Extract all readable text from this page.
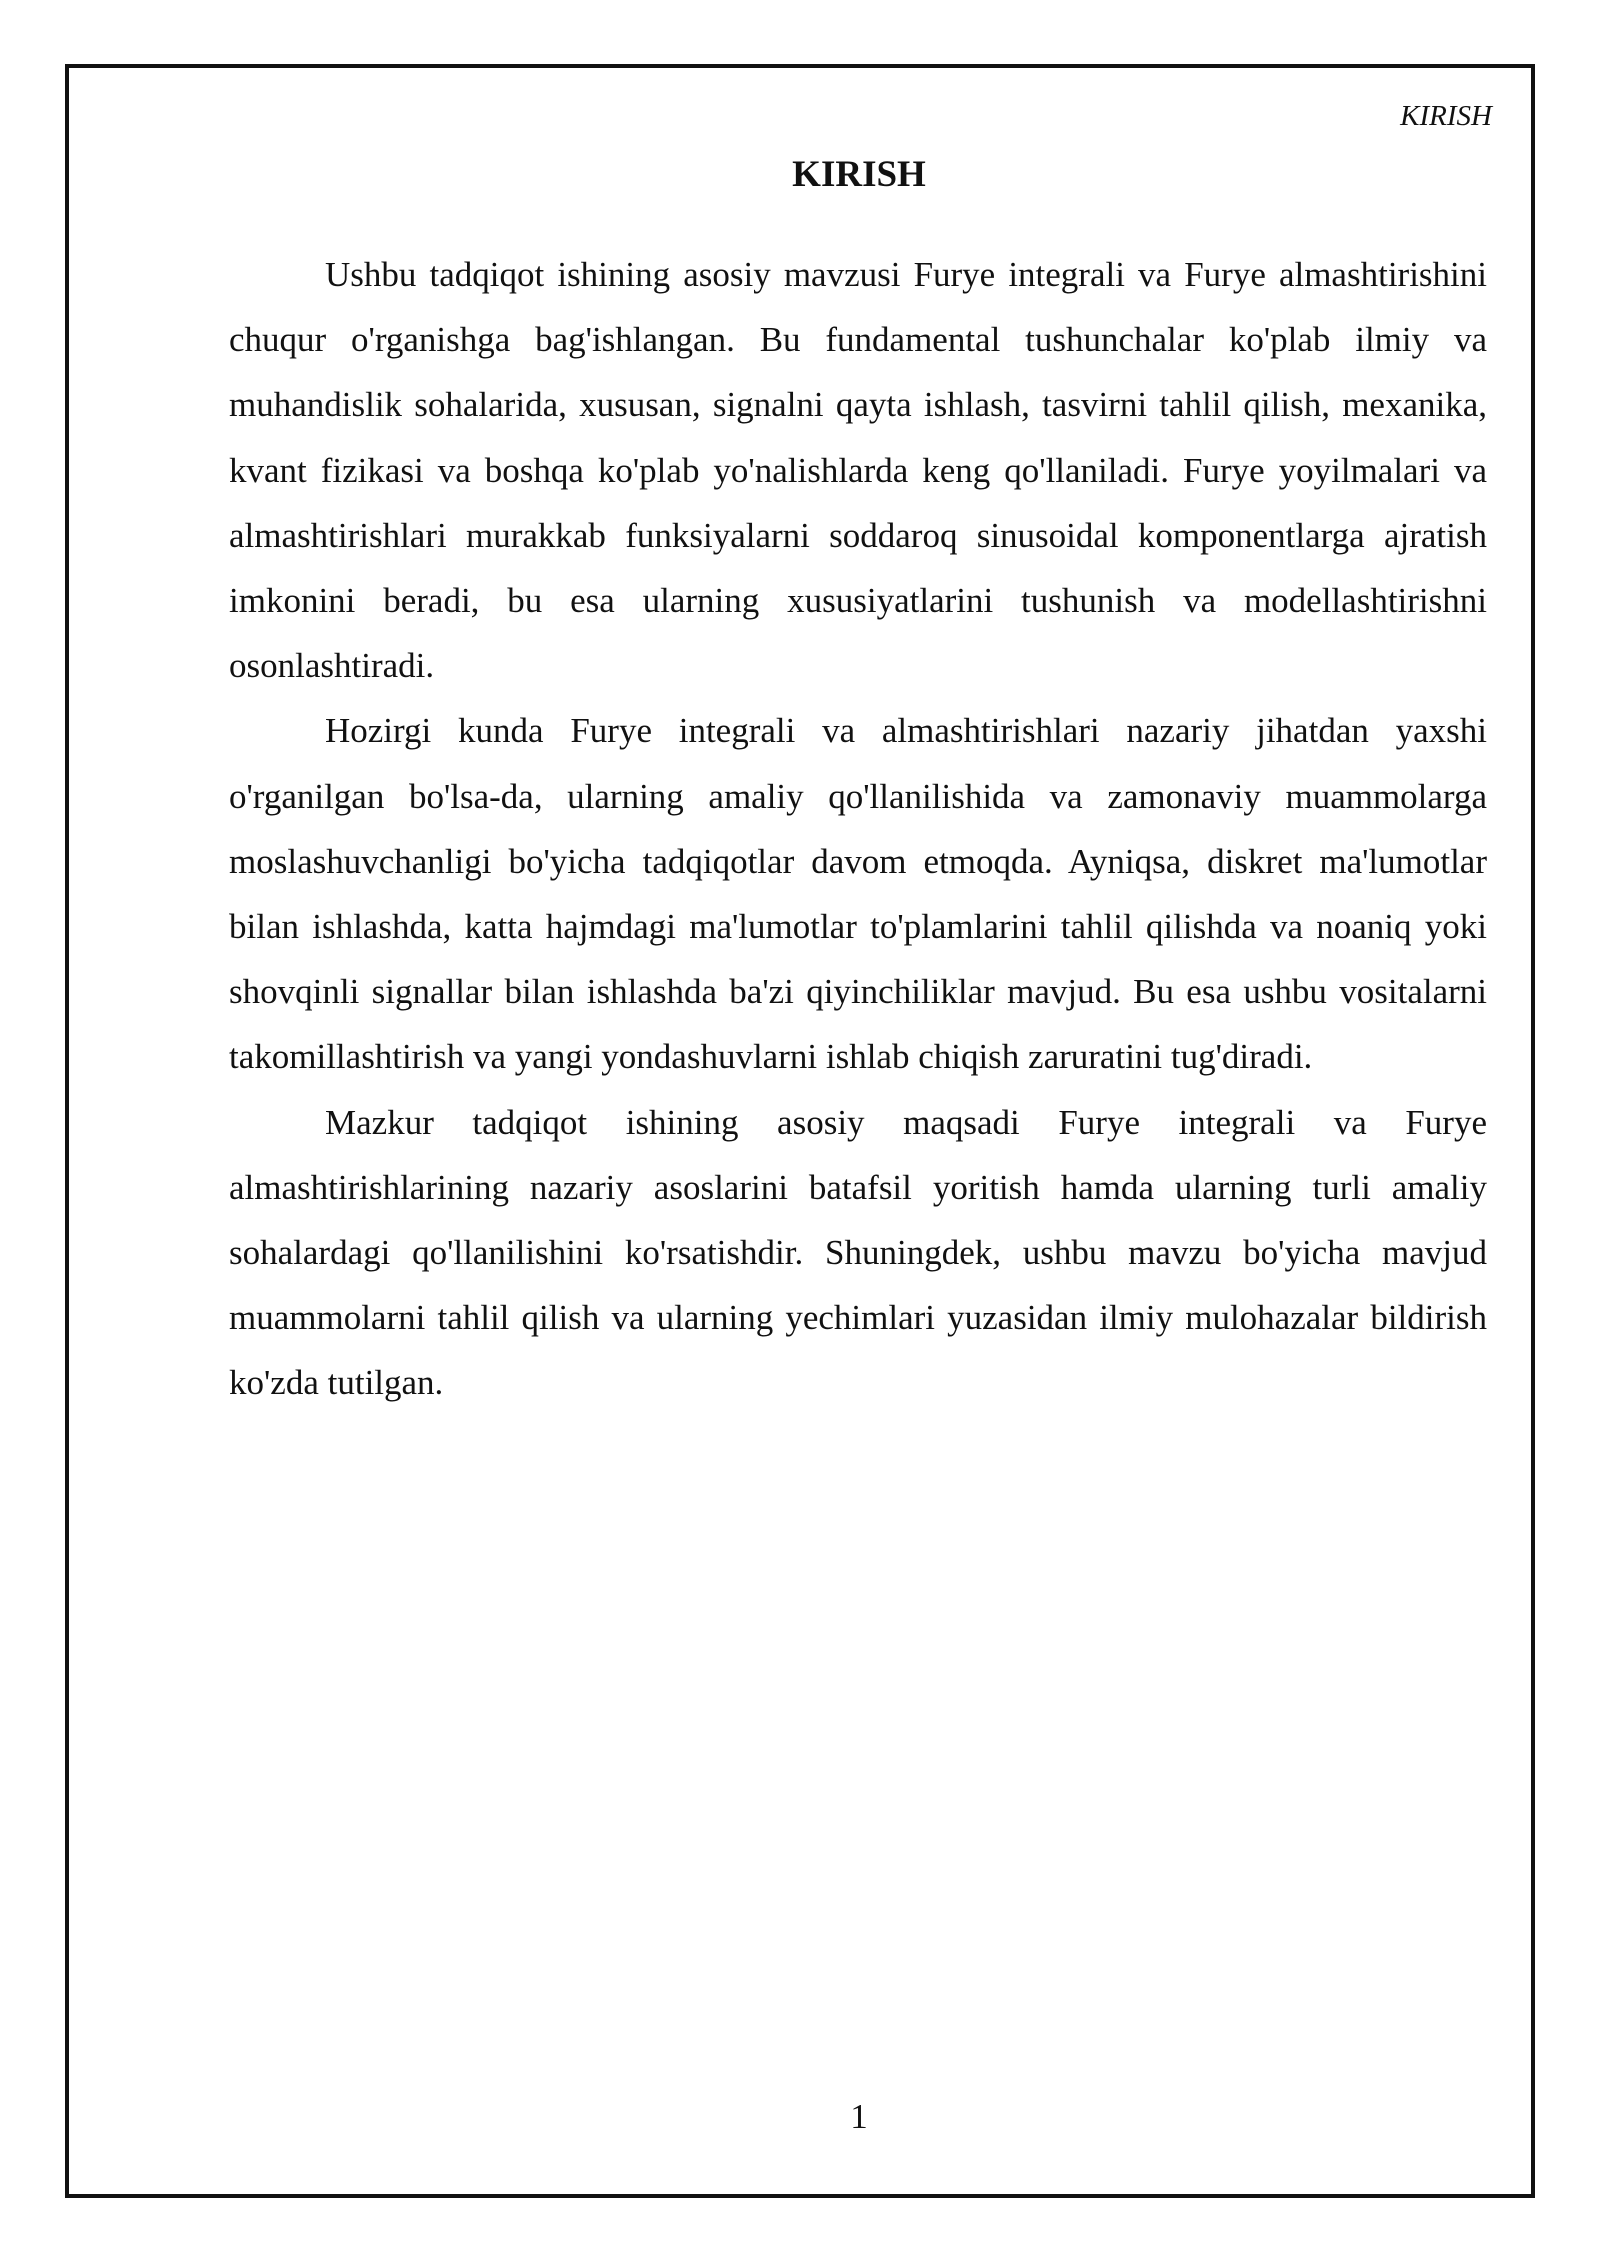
KIRISH
KIRISH

Ushbu tadqiqot ishining asosiy mavzusi Furye integrali va Furye almashtirishini chuqur o'rganishga bag'ishlangan. Bu fundamental tushunchalar ko'plab ilmiy va muhandislik sohalarida, xususan, signalni qayta ishlash, tasvirni tahlil qilish, mexanika, kvant fizikasi va boshqa ko'plab yo'nalishlarda keng qo'llaniladi. Furye yoyilmalari va almashtirishlari murakkab funksiyalarni soddaroq sinusoidal komponentlarga ajratish imkonini beradi, bu esa ularning xususiyatlarini tushunish va modellashtirishni osonlashtiradi.

Hozirgi kunda Furye integrali va almashtirishlari nazariy jihatdan yaxshi o'rganilgan bo'lsa-da, ularning amaliy qo'llanilishida va zamonaviy muammolarga moslashuvchanligi bo'yicha tadqiqotlar davom etmoqda. Ayniqsa, diskret ma'lumotlar bilan ishlashda, katta hajmdagi ma'lumotlar to'plamlarini tahlil qilishda va noaniq yoki shovqinli signallar bilan ishlashda ba'zi qiyinchiliklar mavjud. Bu esa ushbu vositalarni takomillashtirish va yangi yondashuvlarni ishlab chiqish zaruratini tug'diradi.

Mazkur tadqiqot ishining asosiy maqsadi Furye integrali va Furye almashtirishlarining nazariy asoslarini batafsil yoritish hamda ularning turli amaliy sohalardagi qo'llanilishini ko'rsatishdir. Shuningdek, ushbu mavzu bo'yicha mavjud muammolarni tahlil qilish va ularning yechimlari yuzasidan ilmiy mulohazalar bildirish ko'zda tutilgan.

1
